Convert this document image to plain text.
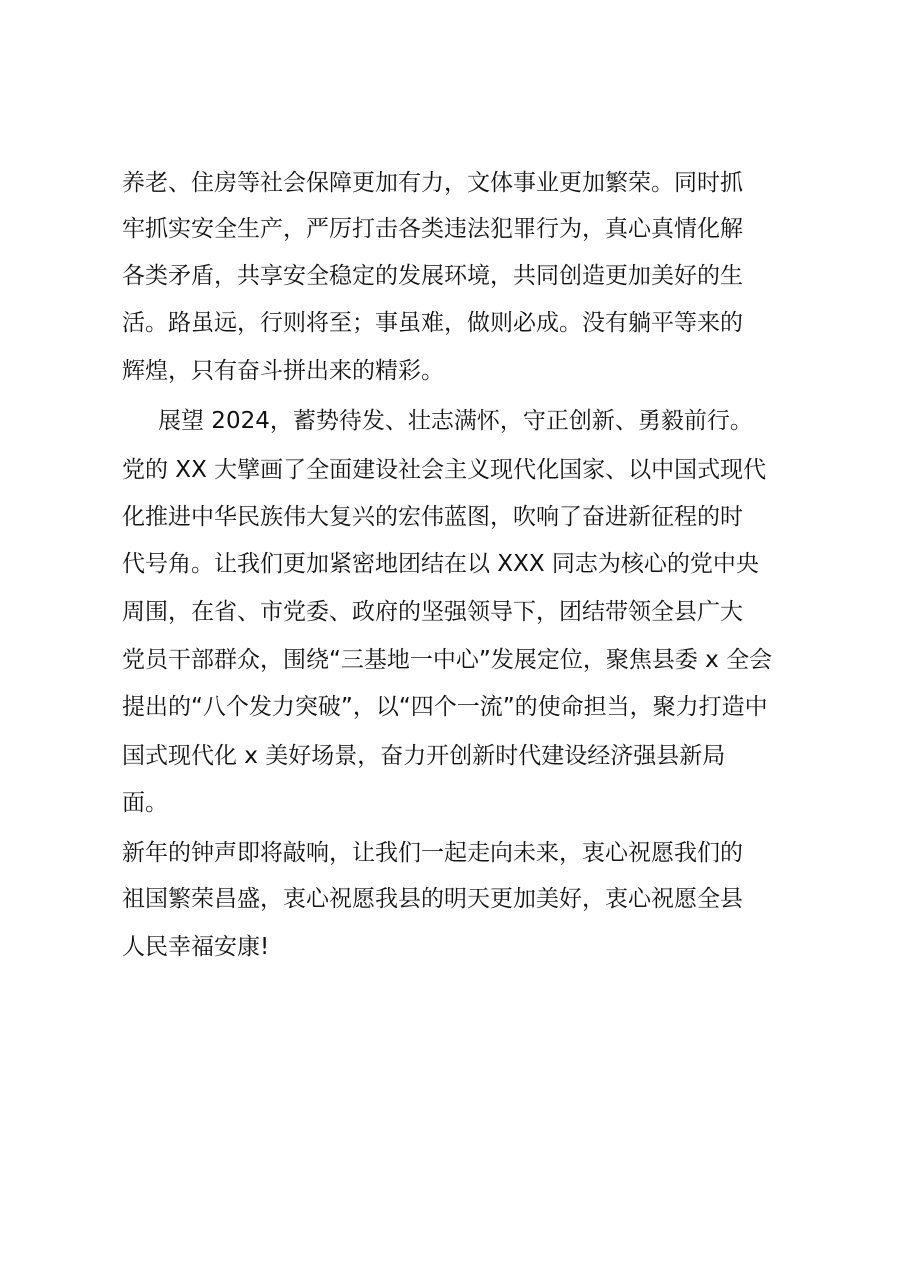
养老、住房等社会保障更加有力，文体事业更加繁荣。同时抓
牢抓实安全生产，严厉打击各类违法犯罪行为，真心真情化解
各类矛盾，共享安全稳定的发展环境，共同创造更加美好的生
活。路虽远，行则将至；事虽难，做则必成。没有躺平等来的
辉煌，只有奋斗拼出来的精彩。
展望 2024，蓄势待发、壮志满怀，守正创新、勇毅前行。
党的 XX 大擘画了全面建设社会主义现代化国家、以中国式现代
化推进中华民族伟大复兴的宏伟蓝图，吹响了奋进新征程的时
代号角。让我们更加紧密地团结在以 XXX 同志为核心的党中央
周围，在省、市党委、政府的坚强领导下，团结带领全县广大
党员干部群众，围绕“三基地一中心”发展定位，聚焦县委 x 全会
提出的“八个发力突破”，以“四个一流”的使命担当，聚力打造中
国式现代化 x 美好场景，奋力开创新时代建设经济强县新局
面。
新年的钟声即将敲响，让我们一起走向未来，衷心祝愿我们的
祖国繁荣昌盛，衷心祝愿我县的明天更加美好，衷心祝愿全县
人民幸福安康!
